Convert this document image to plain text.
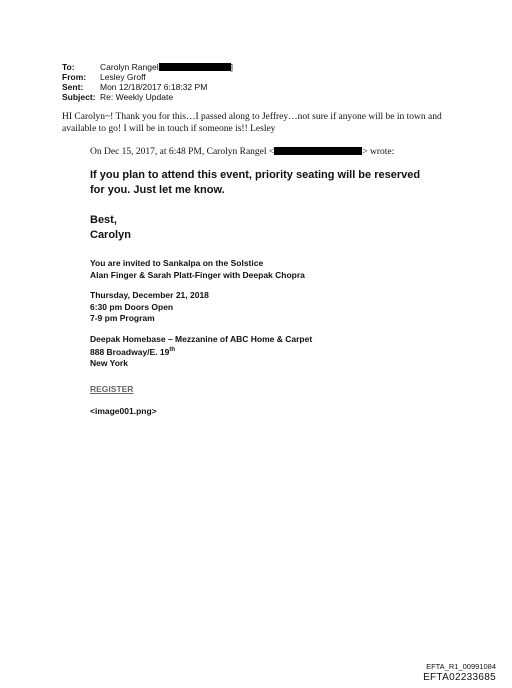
To:	Carolyn Rangel	]
From:	Lesley Groff
Sent:	Mon 12/18/2017 6:18:32 PM
Subject: Re: Weekly Update
HI Carolyn~! Thank you for this…I passed along to Jeffrey…not sure if anyone will be in town and available to go! I will be in touch if someone is!! Lesley
On Dec 15, 2017, at 6:48 PM, Carolyn Rangel <	> wrote:
If you plan to attend this event, priority seating will be reserved for you. Just let me know.
Best,
Carolyn
You are invited to Sankalpa on the Solstice
Alan Finger & Sarah Platt-Finger with Deepak Chopra
Thursday, December 21, 2018
6:30 pm Doors Open
7-9 pm Program
Deepak Homebase – Mezzanine of ABC Home & Carpet
888 Broadway/E. 19th
New York
REGISTER
<image001.png>
EFTA_R1_00991084
EFTA02233685
